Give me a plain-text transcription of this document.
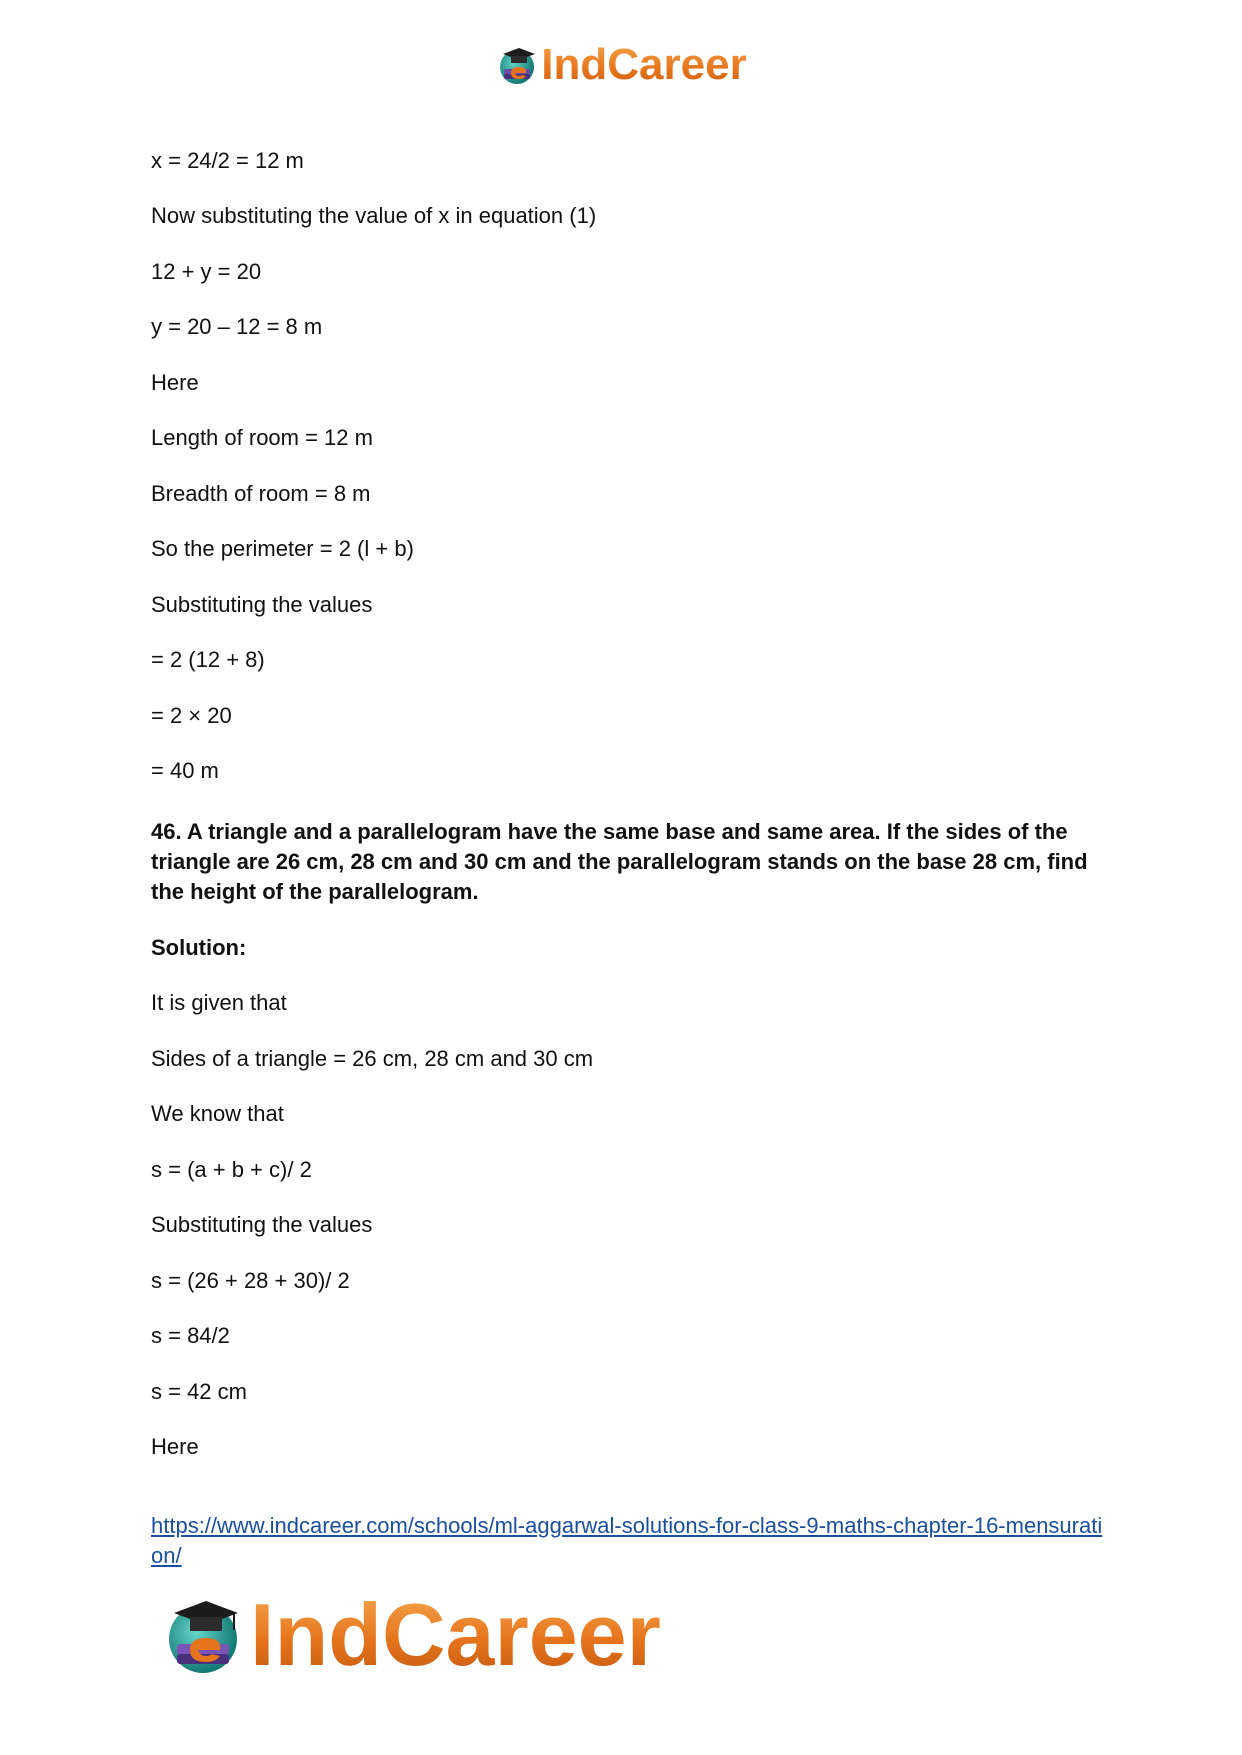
IndCareer
x = 24/2 = 12 m
Now substituting the value of x in equation (1)
12 + y = 20
y = 20 – 12 = 8 m
Here
Length of room = 12 m
Breadth of room = 8 m
So the perimeter = 2 (l + b)
Substituting the values
= 2 (12 + 8)
= 2 × 20
= 40 m
46. A triangle and a parallelogram have the same base and same area. If the sides of the triangle are 26 cm, 28 cm and 30 cm and the parallelogram stands on the base 28 cm, find the height of the parallelogram.
Solution:
It is given that
Sides of a triangle = 26 cm, 28 cm and 30 cm
We know that
s = (a + b + c)/ 2
Substituting the values
s = (26 + 28 + 30)/ 2
s = 84/2
s = 42 cm
Here
https://www.indcareer.com/schools/ml-aggarwal-solutions-for-class-9-maths-chapter-16-mensuration/
IndCareer
